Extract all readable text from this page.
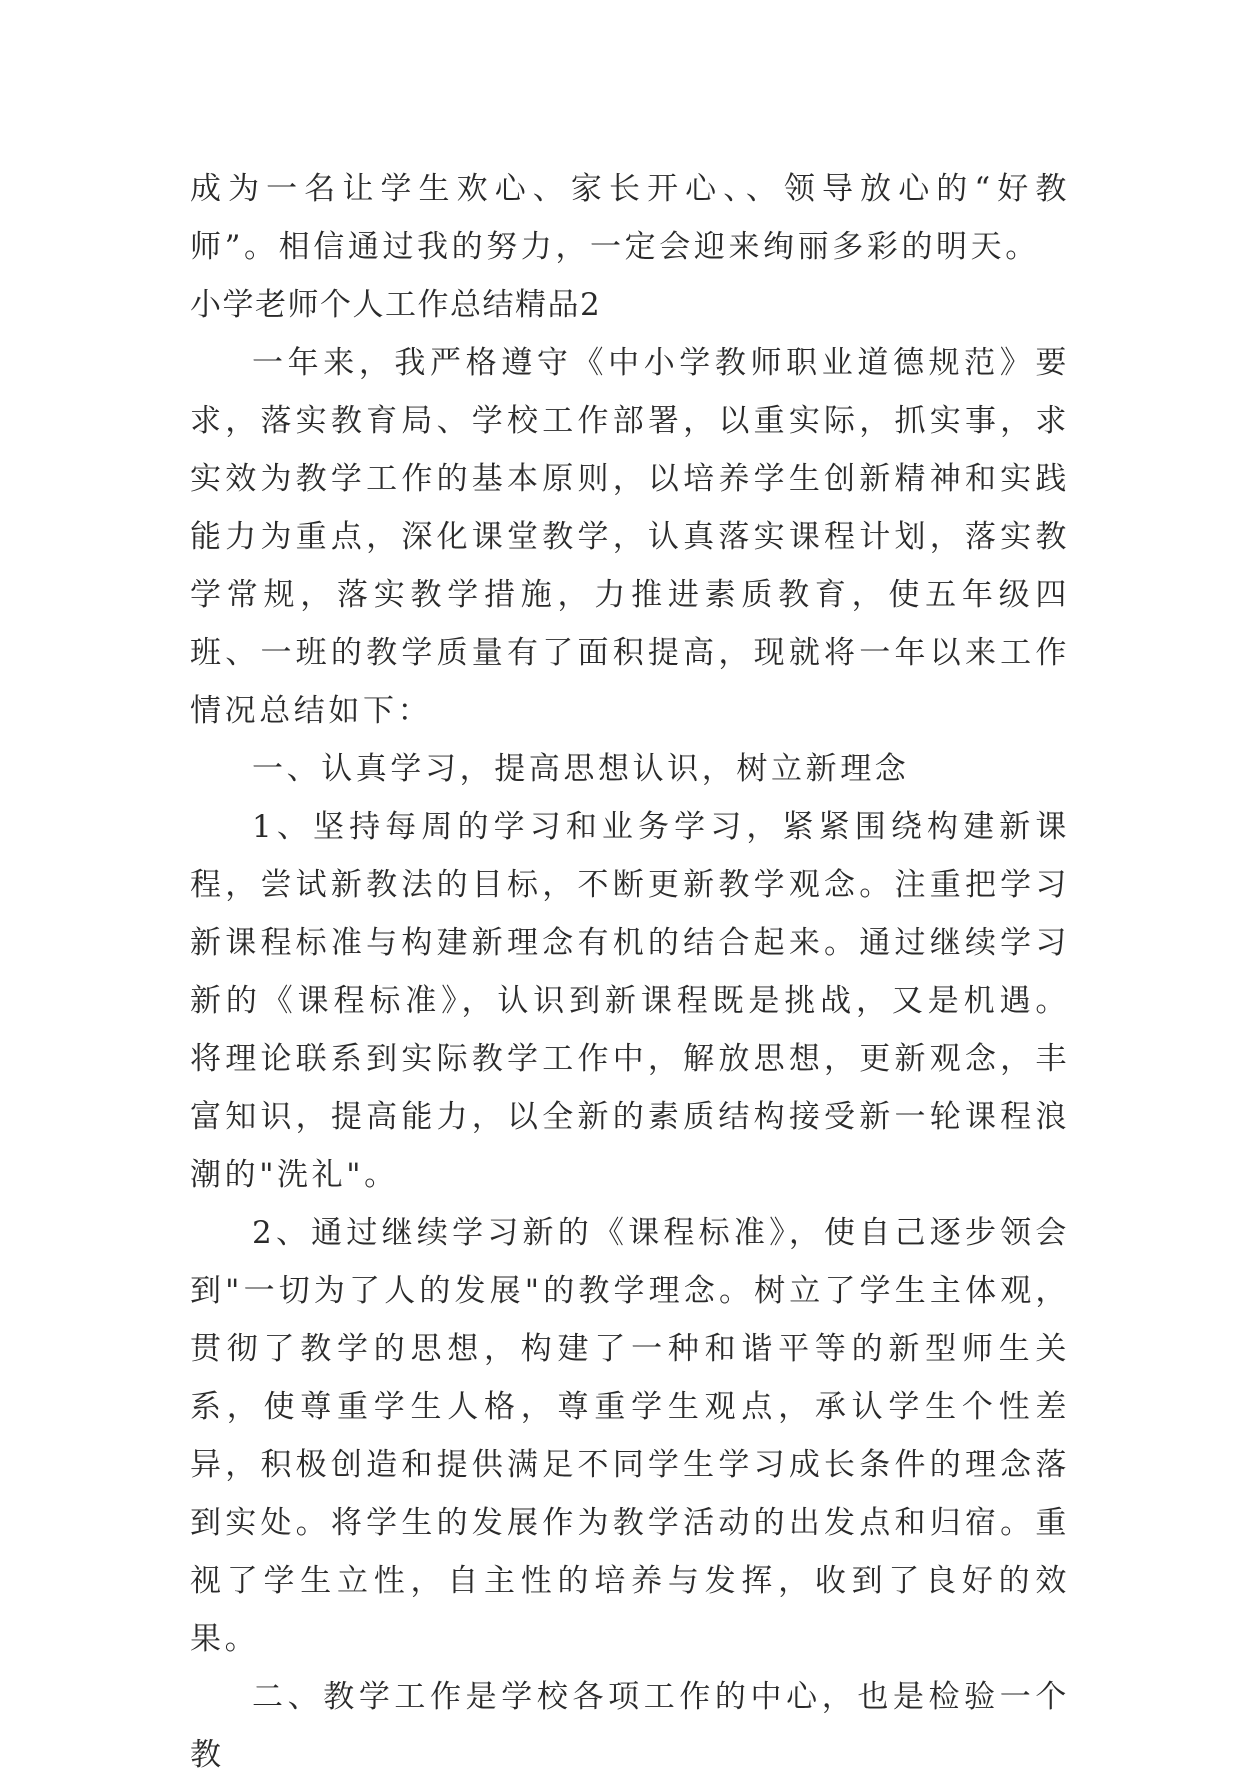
成为一名让学生欢心、家长开心、、领导放心的“好教师”。相信通过我的努力，一定会迎来绚丽多彩的明天。

小学老师个人工作总结精品2

一年来，我严格遵守《中小学教师职业道德规范》要求，落实教育局、学校工作部署，以重实际，抓实事，求实效为教学工作的基本原则，以培养学生创新精神和实践能力为重点，深化课堂教学，认真落实课程计划，落实教学常规，落实教学措施，力推进素质教育，使五年级四班、一班的教学质量有了面积提高，现就将一年以来工作情况总结如下：

一、认真学习，提高思想认识，树立新理念

1、坚持每周的学习和业务学习，紧紧围绕构建新课程，尝试新教法的目标，不断更新教学观念。注重把学习新课程标准与构建新理念有机的结合起来。通过继续学习新的《课程标准》，认识到新课程既是挑战，又是机遇。将理论联系到实际教学工作中，解放思想，更新观念，丰富知识，提高能力，以全新的素质结构接受新一轮课程浪潮的"洗礼"。

2、通过继续学习新的《课程标准》，使自己逐步领会到"一切为了人的发展"的教学理念。树立了学生主体观，贯彻了教学的思想，构建了一种和谐平等的新型师生关系，使尊重学生人格，尊重学生观点，承认学生个性差异，积极创造和提供满足不同学生学习成长条件的理念落到实处。将学生的发展作为教学活动的出发点和归宿。重视了学生立性，自主性的培养与发挥，收到了良好的效果。

二、教学工作是学校各项工作的中心，也是检验一个教
